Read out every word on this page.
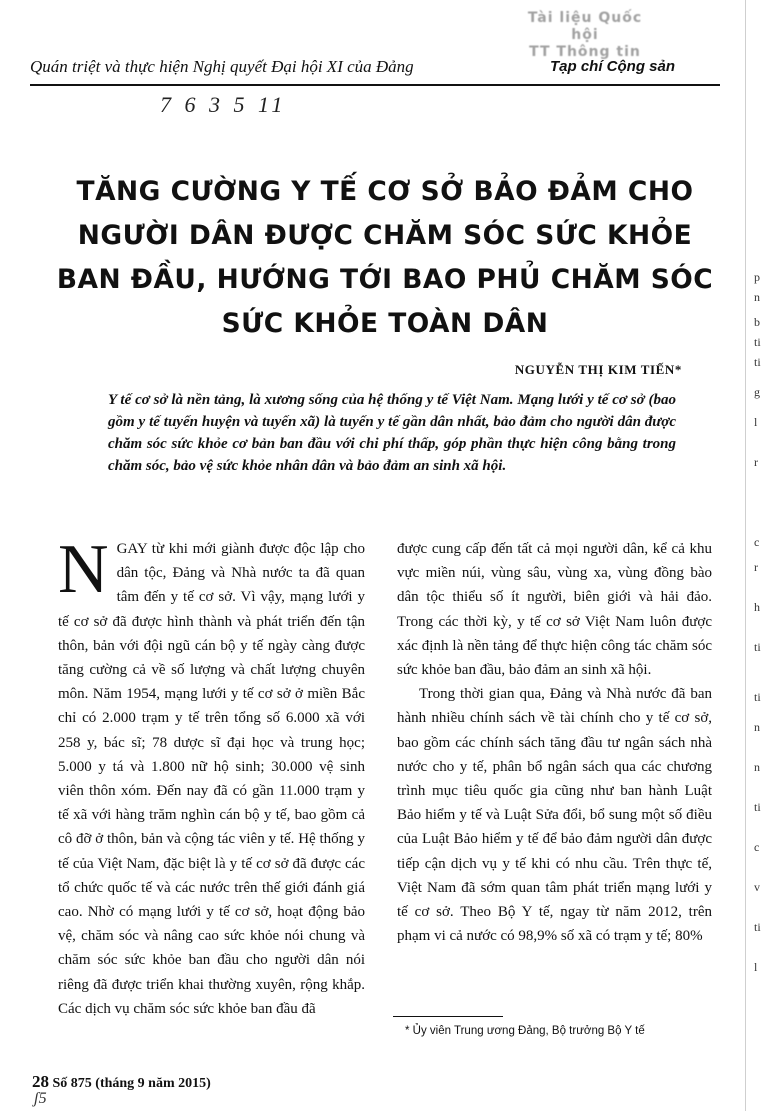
Tài liệu Quốc hội
TT Thông tin
Quán triệt và thực hiện Nghị quyết Đại hội XI của Đảng	Tạp chí Cộng sản
7 6 3 5 11
TĂNG CƯỜNG Y TẾ CƠ SỞ BẢO ĐẢM CHO NGƯỜI DÂN ĐƯỢC CHĂM SÓC SỨC KHỎE BAN ĐẦU, HƯỚNG TỚI BAO PHỦ CHĂM SÓC SỨC KHỎE TOÀN DÂN
NGUYỄN THỊ KIM TIẾN*
Y tế cơ sở là nền tảng, là xương sống của hệ thống y tế Việt Nam. Mạng lưới y tế cơ sở (bao gồm y tế tuyến huyện và tuyến xã) là tuyến y tế gần dân nhất, bảo đảm cho người dân được chăm sóc sức khỏe cơ bản ban đầu với chi phí thấp, góp phần thực hiện công bằng trong chăm sóc, bảo vệ sức khỏe nhân dân và bảo đảm an sinh xã hội.

NGAY từ khi mới giành được độc lập cho dân tộc, Đảng và Nhà nước ta đã quan tâm đến y tế cơ sở. Vì vậy, mạng lưới y tế cơ sở đã được hình thành và phát triển đến tận thôn, bản với đội ngũ cán bộ y tế ngày càng được tăng cường cả về số lượng và chất lượng chuyên môn. Năm 1954, mạng lưới y tế cơ sở ở miền Bắc chỉ có 2.000 trạm y tế trên tổng số 6.000 xã với 258 y, bác sĩ; 78 dược sĩ đại học và trung học; 5.000 y tá và 1.800 nữ hộ sinh; 30.000 vệ sinh viên thôn xóm. Đến nay đã có gần 11.000 trạm y tế xã với hàng trăm nghìn cán bộ y tế, bao gồm cả cô đỡ ở thôn, bản và cộng tác viên y tế. Hệ thống y tế của Việt Nam, đặc biệt là y tế cơ sở đã được các tổ chức quốc tế và các nước trên thế giới đánh giá cao. Nhờ có mạng lưới y tế cơ sở, hoạt động bảo vệ, chăm sóc và nâng cao sức khỏe nói chung và chăm sóc sức khỏe ban đầu cho người dân nói riêng đã được triển khai thường xuyên, rộng khắp. Các dịch vụ chăm sóc sức khỏe ban đầu đã

được cung cấp đến tất cả mọi người dân, kể cả khu vực miền núi, vùng sâu, vùng xa, vùng đồng bào dân tộc thiểu số ít người, biên giới và hải đảo. Trong các thời kỳ, y tế cơ sở Việt Nam luôn được xác định là nền tảng để thực hiện công tác chăm sóc sức khỏe ban đầu, bảo đảm an sinh xã hội.

Trong thời gian qua, Đảng và Nhà nước đã ban hành nhiều chính sách về tài chính cho y tế cơ sở, bao gồm các chính sách tăng đầu tư ngân sách nhà nước cho y tế, phân bổ ngân sách qua các chương trình mục tiêu quốc gia cũng như ban hành Luật Bảo hiểm y tế và Luật Sửa đổi, bổ sung một số điều của Luật Bảo hiểm y tế để bảo đảm người dân được tiếp cận dịch vụ y tế khi có nhu cầu. Trên thực tế, Việt Nam đã sớm quan tâm phát triển mạng lưới y tế cơ sở. Theo Bộ Y tế, ngay từ năm 2012, trên phạm vi cả nước có 98,9% số xã có trạm y tế; 80%

* Ủy viên Trung ương Đảng, Bộ trưởng Bộ Y tế
28 Số 875 (tháng 9 năm 2015)
ʃ5
p
n
b
ti
ti
g
l
r
c
r
h
ti
ti
n
n
ti
c
v
ti
l
